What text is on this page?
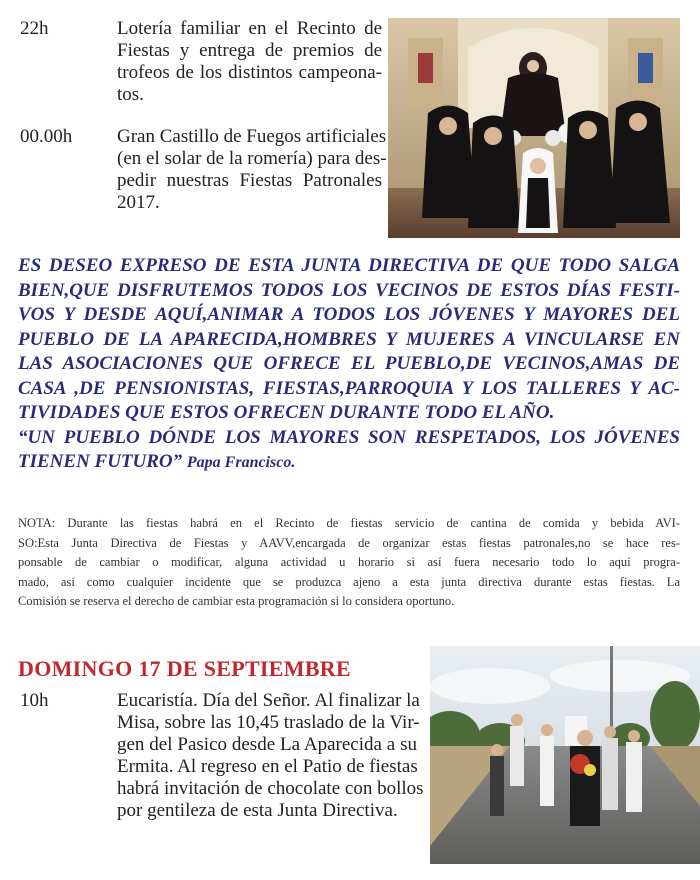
22h	Lotería familiar en el Recinto de
Fiestas y entrega de premios de
trofeos de los distintos campeona-
tos.
00.00h	Gran Castillo de Fuegos artificiales
(en el solar de la romería) para des-
pedir nuestras Fiestas Patronales
2017.
ES DESEO EXPRESO DE ESTA JUNTA DIRECTIVA DE QUE TODO SALGA
BIEN,QUE DISFRUTEMOS TODOS LOS VECINOS DE ESTOS DÍAS FESTI-
VOS Y DESDE AQUÍ,ANIMAR A TODOS LOS JÓVENES Y MAYORES DEL
PUEBLO DE LA APARECIDA,HOMBRES Y MUJERES A VINCULARSE EN
LAS ASOCIACIONES QUE OFRECE EL PUEBLO,DE VECINOS,AMAS DE
CASA ,DE PENSIONISTAS, FIESTAS,PARROQUIA Y LOS TALLERES Y AC-
TIVIDADES QUE ESTOS OFRECEN DURANTE TODO EL AÑO.
“UN PUEBLO DÓNDE LOS MAYORES SON RESPETADOS, LOS JÓVENES
TIENEN FUTURO” Papa Francisco.
NOTA: Durante las fiestas habrá en el Recinto de fiestas servicio de cantina de comida y bebida AVI-
SO:Esta Junta Directiva de Fiestas y AAVV,encargada de organizar estas fiestas patronales,no se hace res-
ponsable de cambiar o modificar, alguna actividad u horario si así fuera necesario todo lo aquí progra-
mado, así como cualquier incidente que se produzca ajeno a esta junta directiva durante estas fiestas. La
Comisión se reserva el derecho de cambiar esta programación si lo considera oportuno.
DOMINGO 17 DE SEPTIEMBRE
10h	Eucaristía. Día del Señor. Al finalizar la
Misa, sobre las 10,45 traslado de la Vir-
gen del Pasico desde La Aparecida a su
Ermita. Al regreso en el Patio de fiestas
habrá invitación de chocolate con bollos
por gentileza de esta Junta Directiva.
